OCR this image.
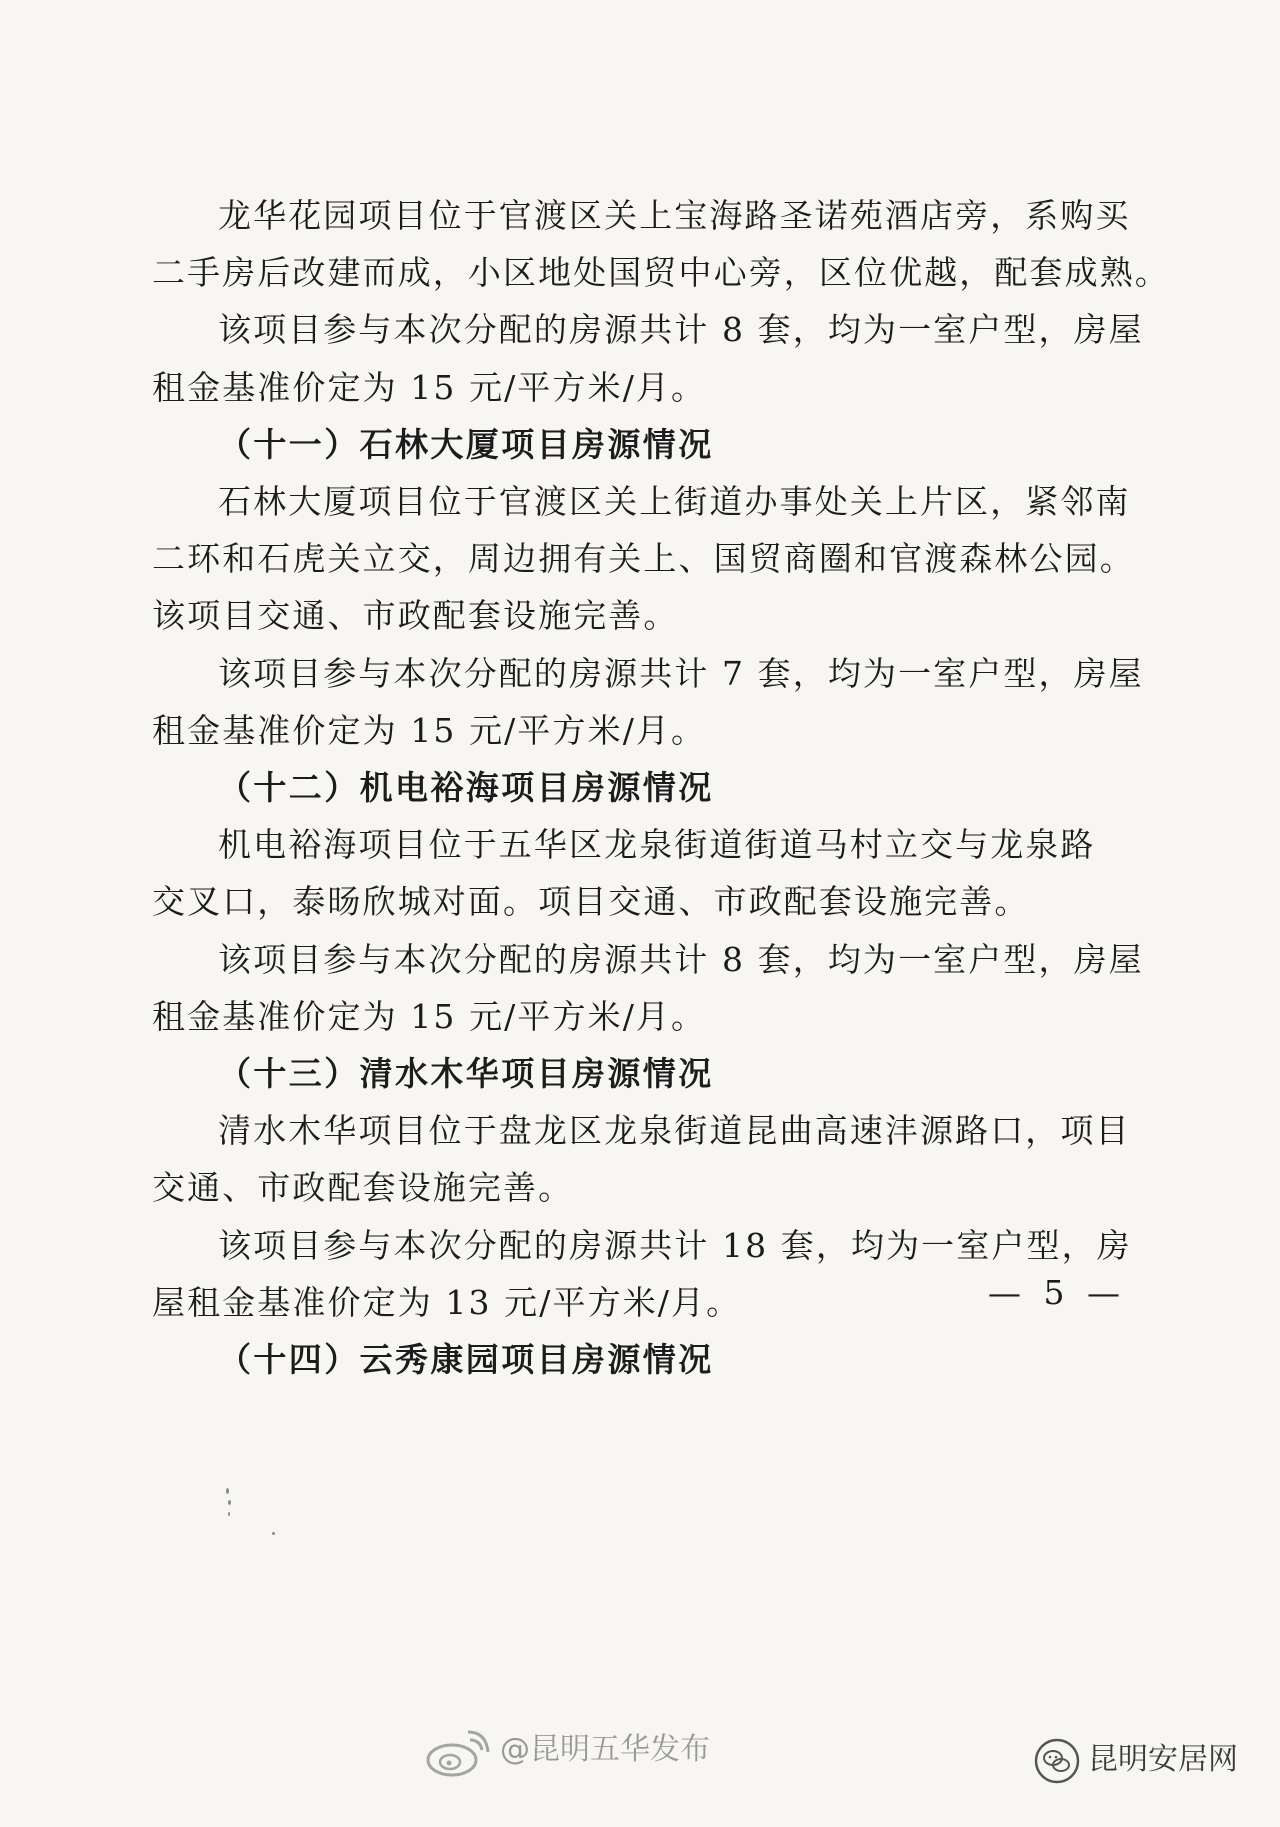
龙华花园项目位于官渡区关上宝海路圣诺苑酒店旁，系购买
二手房后改建而成，小区地处国贸中心旁，区位优越，配套成熟。
该项目参与本次分配的房源共计 8 套，均为一室户型，房屋
租金基准价定为 15 元/平方米/月。
（十一）石林大厦项目房源情况
石林大厦项目位于官渡区关上街道办事处关上片区，紧邻南
二环和石虎关立交，周边拥有关上、国贸商圈和官渡森林公园。
该项目交通、市政配套设施完善。
该项目参与本次分配的房源共计 7 套，均为一室户型，房屋
租金基准价定为 15 元/平方米/月。
（十二）机电裕海项目房源情况
机电裕海项目位于五华区龙泉街道街道马村立交与龙泉路
交叉口，泰旸欣城对面。项目交通、市政配套设施完善。
该项目参与本次分配的房源共计 8 套，均为一室户型，房屋
租金基准价定为 15 元/平方米/月。
（十三）清水木华项目房源情况
清水木华项目位于盘龙区龙泉街道昆曲高速沣源路口，项目
交通、市政配套设施完善。
该项目参与本次分配的房源共计 18 套，均为一室户型，房
屋租金基准价定为 13 元/平方米/月。
（十四）云秀康园项目房源情况
— 5 —
@昆明五华发布	昆明安居网
